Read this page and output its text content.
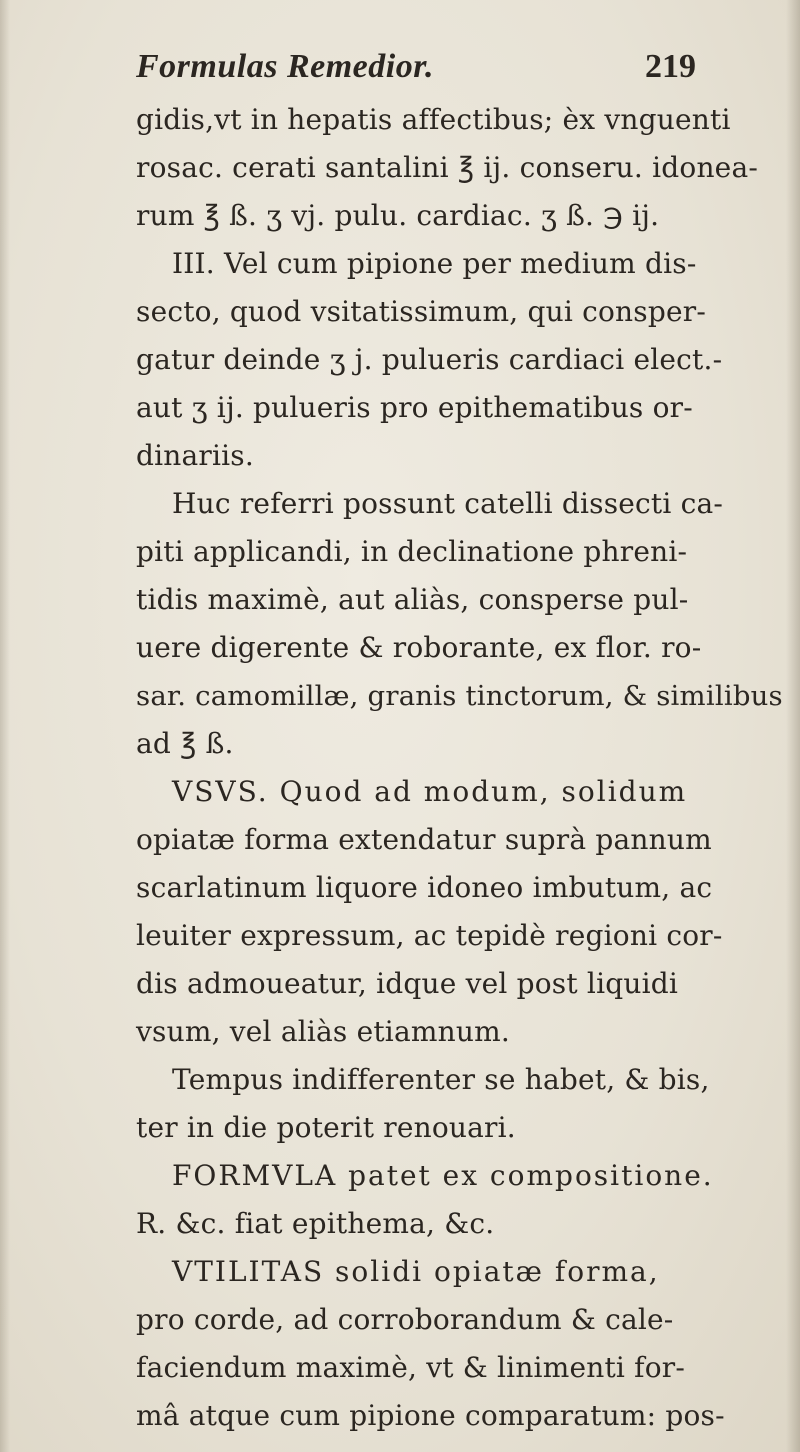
Formulas Remedior.	219
gidis,vt in hepatis affectibus; èx vnguenti
rosac. cerati santalini ℥ ij. conseru. idonea-
rum ℥ ß. ʒ vj. pulu. cardiac. ʒ ß. ℈ ij.
III. Vel cum pipione per medium dis-
secto, quod vsitatissimum, qui consper-
gatur deinde ʒ j. pulueris cardiaci elect.-
aut ʒ ij. pulueris pro epithematibus or-
dinariis.
Huc referri possunt catelli dissecti ca-
piti applicandi, in declinatione phreni-
tidis maximè, aut aliàs, consperse pul-
uere digerente & roborante, ex flor. ro-
sar. camomillæ, granis tinctorum, & similibus
ad ℥ ß.
VSVS. Quod ad modum, solidum
opiatæ forma extendatur suprà pannum
scarlatinum liquore idoneo imbutum, ac
leuiter expressum, ac tepidè regioni cor-
dis admoueatur, idque vel post liquidi
vsum, vel aliàs etiamnum.
Tempus indifferenter se habet, & bis,
ter in die poterit renouari.
FORMVLA patet ex compositione.
R. &c. fiat epithema, &c.
VTILITAS solidi opiatæ forma,
pro corde, ad corroborandum & cale-
faciendum maximè, vt & linimenti for-
mâ atque cum pipione comparatum: pos-
